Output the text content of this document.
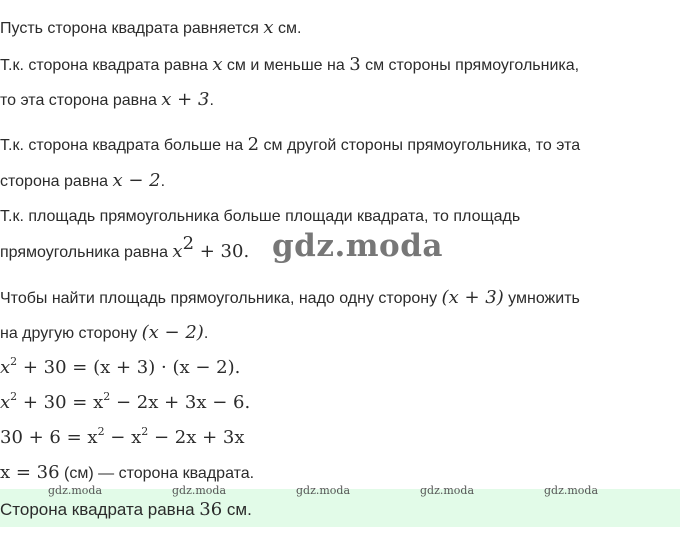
Пусть сторона квадрата равняется x см.
Т.к. сторона квадрата равна x см и меньше на 3 см стороны прямоугольника,
то эта сторона равна x + 3.
Т.к. сторона квадрата больше на 2 см другой стороны прямоугольника, то эта
сторона равна x − 2.
Т.к. площадь прямоугольника больше площади квадрата, то площадь
прямоугольника равна $x^2 + 30$. gdz.moda
Чтобы найти площадь прямоугольника, надо одну сторону (x + 3) умножить
на другую сторону (x − 2).
$x^2 + 30 = (x + 3) \cdot (x - 2)$.
$x^2 + 30 = x^2 - 2x + 3x - 6$.
$30 + 6 = x^2 - x^2 - 2x + 3x$
x = 36 (см) — сторона квадрата.
Сторона квадрата равна 36 см.
gdz.moda	gdz.moda	gdz.moda	gdz.moda	gdz.moda
